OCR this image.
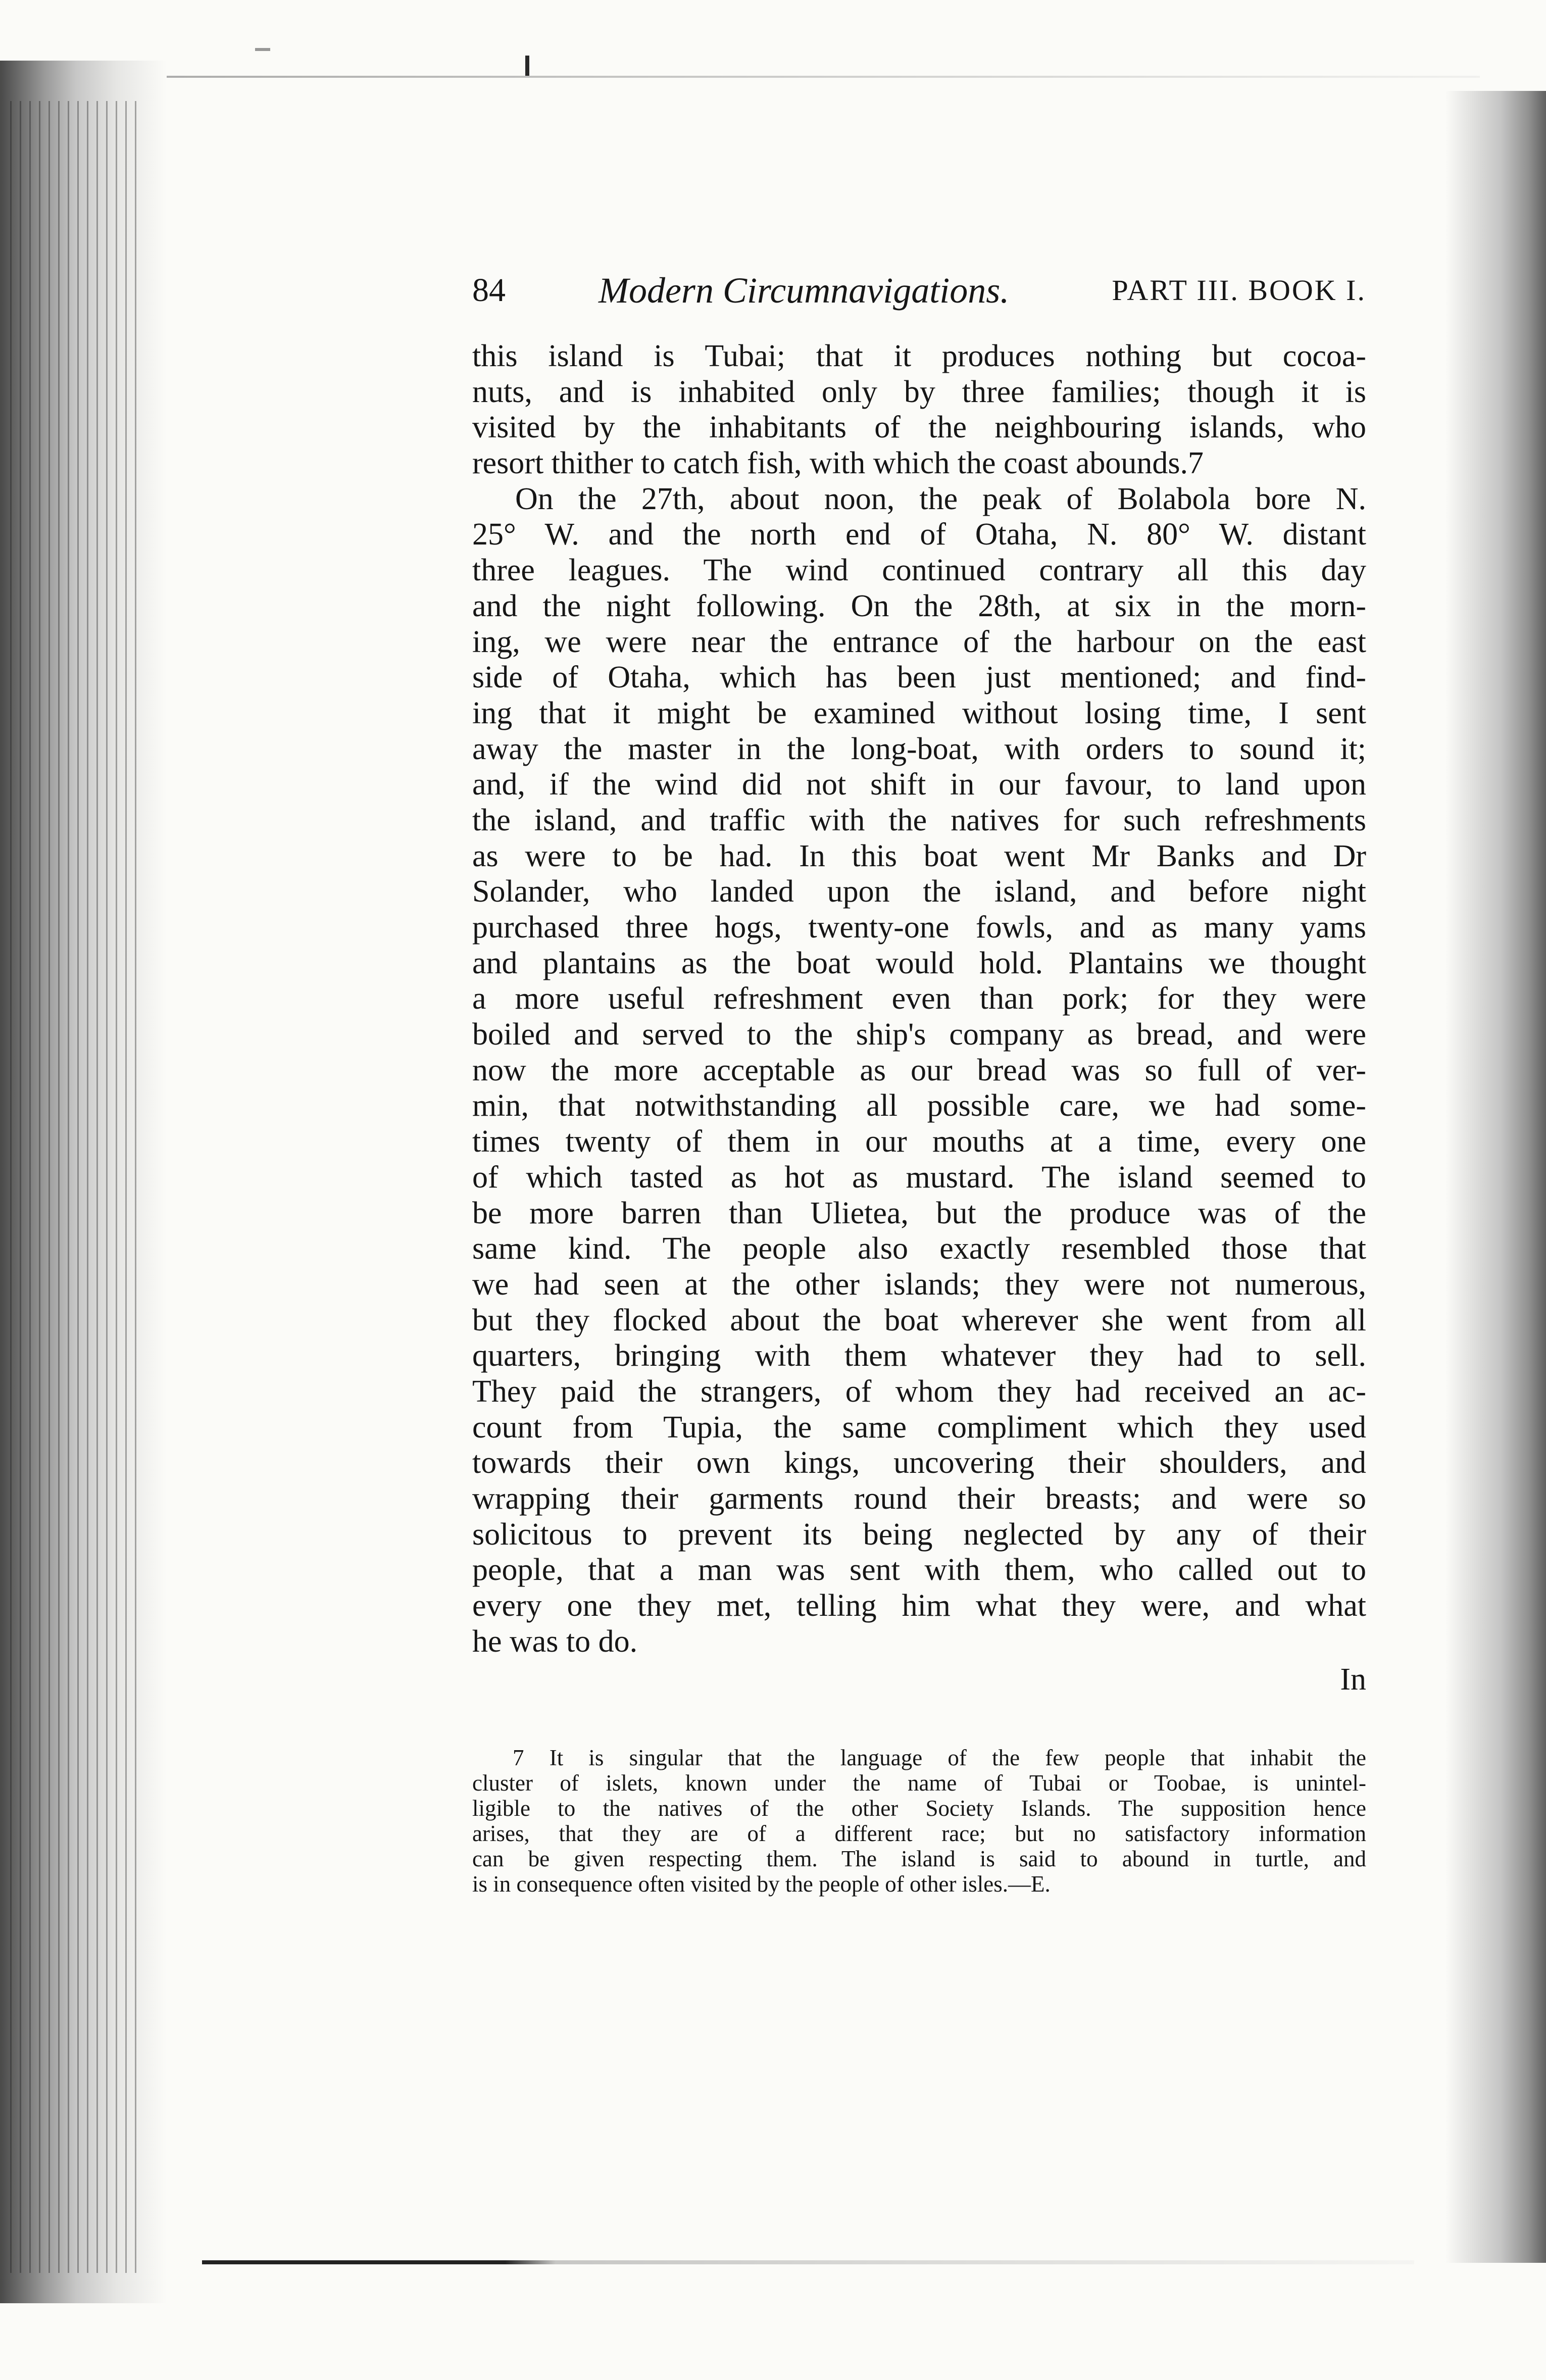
84	Modern Circumnavigations.	PART III. BOOK I.
this island is Tubai; that it produces nothing but cocoa-
nuts, and is inhabited only by three families; though it is
visited by the inhabitants of the neighbouring islands, who
resort thither to catch fish, with which the coast abounds.7
On the 27th, about noon, the peak of Bolabola bore N.
25° W. and the north end of Otaha, N. 80° W. distant
three leagues. The wind continued contrary all this day
and the night following. On the 28th, at six in the morn-
ing, we were near the entrance of the harbour on the east
side of Otaha, which has been just mentioned; and find-
ing that it might be examined without losing time, I sent
away the master in the long-boat, with orders to sound it;
and, if the wind did not shift in our favour, to land upon
the island, and traffic with the natives for such refreshments
as were to be had. In this boat went Mr Banks and Dr
Solander, who landed upon the island, and before night
purchased three hogs, twenty-one fowls, and as many yams
and plantains as the boat would hold. Plantains we thought
a more useful refreshment even than pork; for they were
boiled and served to the ship's company as bread, and were
now the more acceptable as our bread was so full of ver-
min, that notwithstanding all possible care, we had some-
times twenty of them in our mouths at a time, every one
of which tasted as hot as mustard. The island seemed to
be more barren than Ulietea, but the produce was of the
same kind. The people also exactly resembled those that
we had seen at the other islands; they were not numerous,
but they flocked about the boat wherever she went from all
quarters, bringing with them whatever they had to sell.
They paid the strangers, of whom they had received an ac-
count from Tupia, the same compliment which they used
towards their own kings, uncovering their shoulders, and
wrapping their garments round their breasts; and were so
solicitous to prevent its being neglected by any of their
people, that a man was sent with them, who called out to
every one they met, telling him what they were, and what
he was to do.
In
7 It is singular that the language of the few people that inhabit the
cluster of islets, known under the name of Tubai or Toobae, is unintel-
ligible to the natives of the other Society Islands. The supposition hence
arises, that they are of a different race; but no satisfactory information
can be given respecting them. The island is said to abound in turtle, and
is in consequence often visited by the people of other isles.—E.
